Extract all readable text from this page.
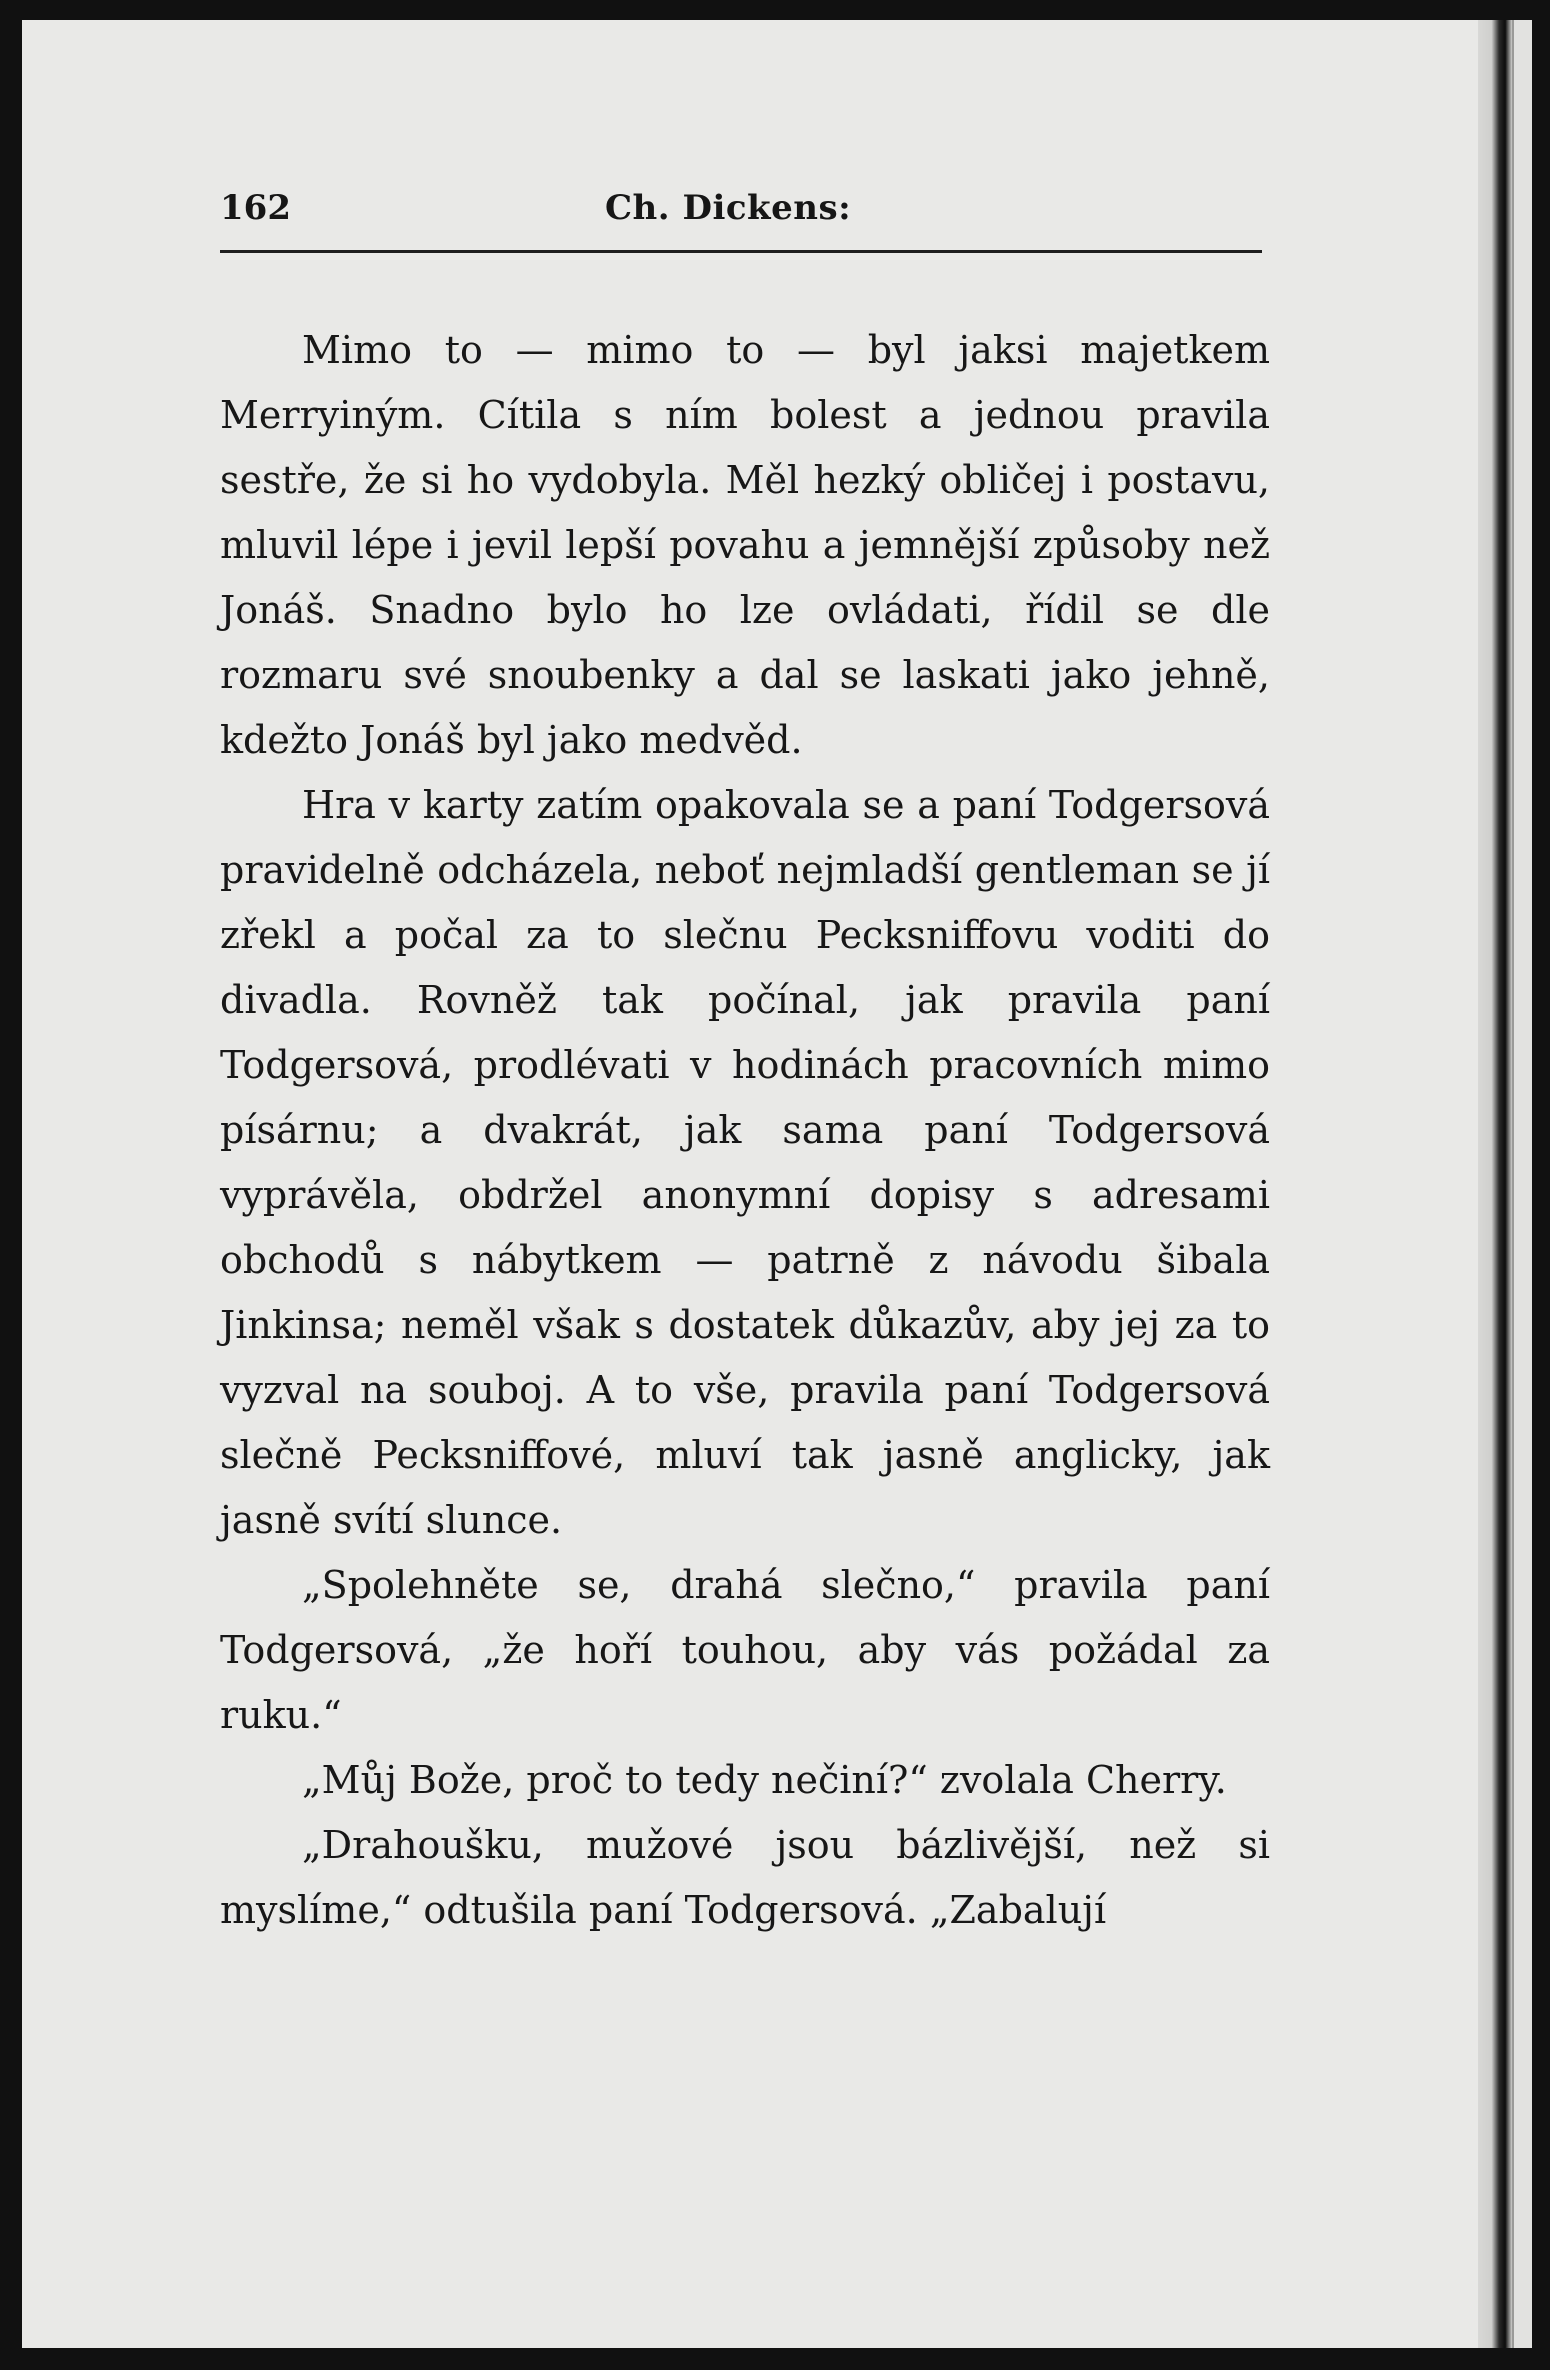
162	Ch. Dickens:

Mimo to — mimo to — byl jaksi majetkem Merryiným. Cítila s ním bolest a jednou pravila sestře, že si ho vydobyla. Měl hezký obličej i postavu, mluvil lépe i jevil lepší povahu a jemnější způsoby než Jonáš. Snadno bylo ho lze ovládati, řídil se dle rozmaru své snoubenky a dal se laskati jako jehně, kdežto Jonáš byl jako medvěd.

Hra v karty zatím opakovala se a paní Todgersová pravidelně odcházela, neboť nejmladší gentleman se jí zřekl a počal za to slečnu Pecksniffovu voditi do divadla. Rovněž tak počínal, jak pravila paní Todgersová, prodlévati v hodinách pracovních mimo písárnu; a dvakrát, jak sama paní Todgersová vyprávěla, obdržel anonymní dopisy s adresami obchodů s nábytkem — patrně z návodu šibala Jinkinsa; neměl však s dostatek důkazův, aby jej za to vyzval na souboj. A to vše, pravila paní Todgersová slečně Pecksniffové, mluví tak jasně anglicky, jak jasně svítí slunce.

„Spolehněte se, drahá slečno,“ pravila paní Todgersová, „že hoří touhou, aby vás požádal za ruku.“

„Můj Bože, proč to tedy nečiní?“ zvolala Cherry.

„Drahoušku, mužové jsou bázlivější, než si myslíme,“ odtušila paní Todgersová. „Zabalují
